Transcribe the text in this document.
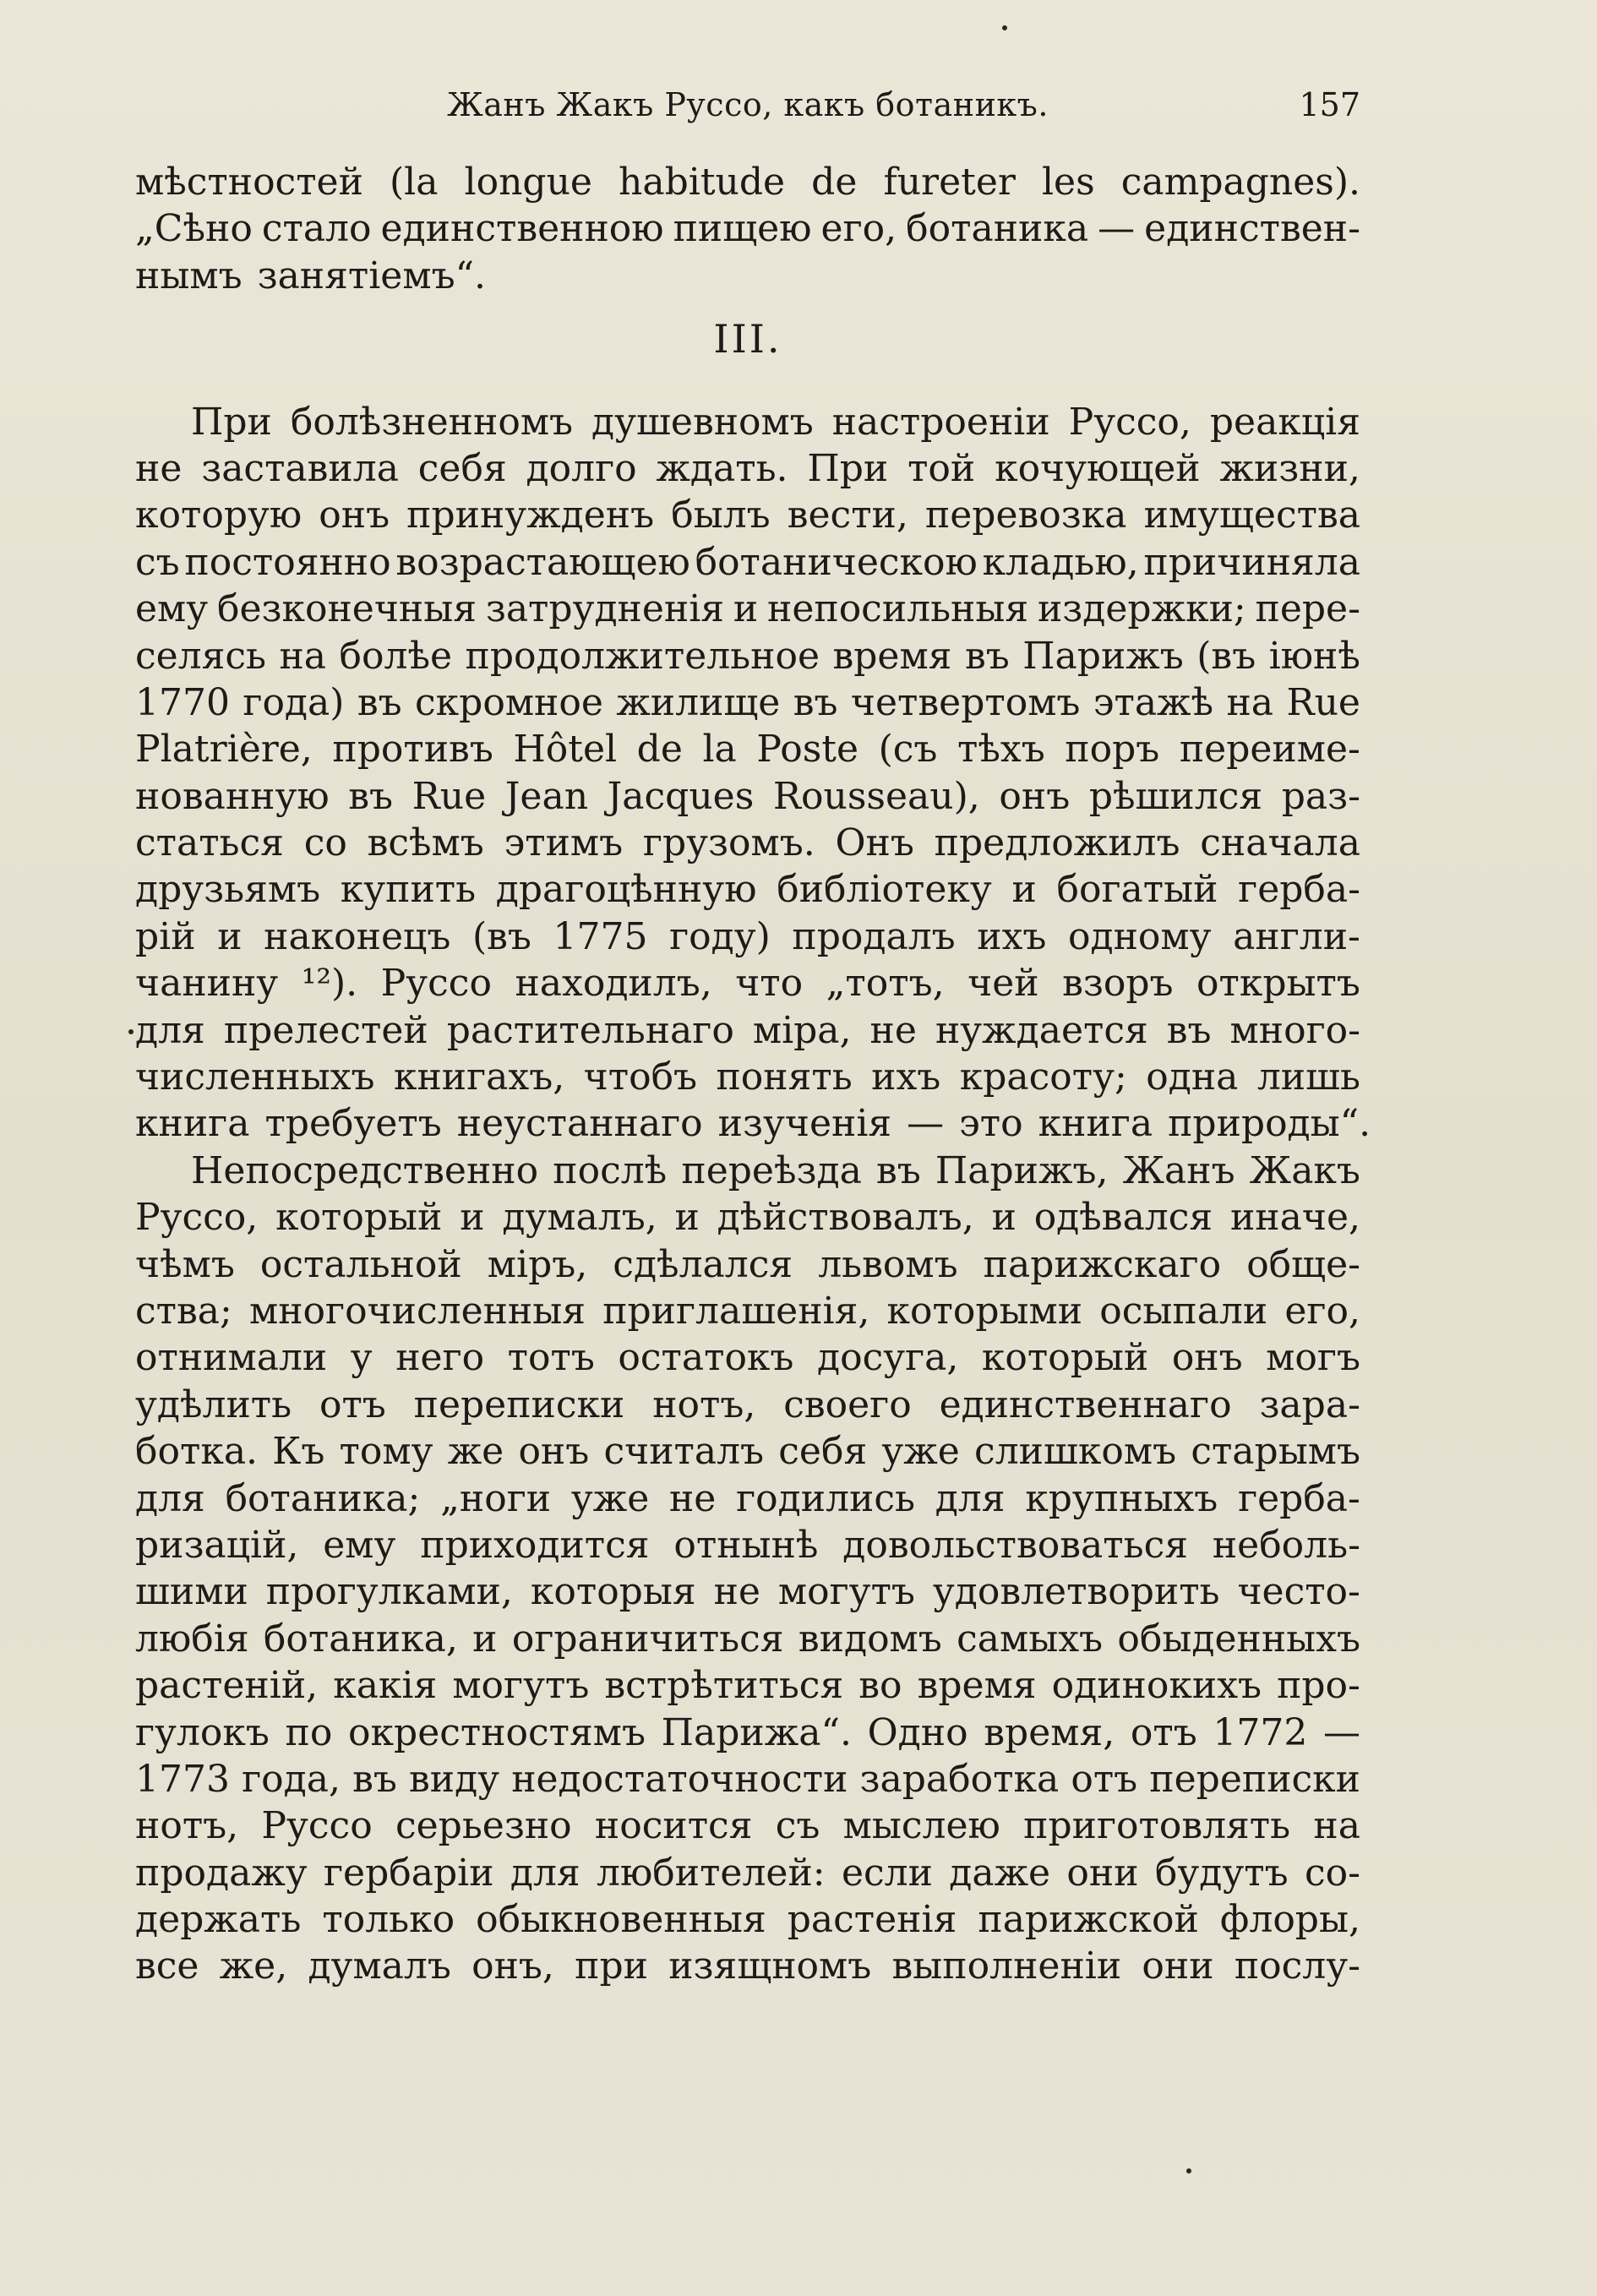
Жанъ Жакъ Руссо, какъ ботаникъ.	157
мѣстностей (la longue habitude de fureter les campagnes).
„Сѣно стало единственною пищею его, ботаника — единствен-
нымъ занятіемъ“.
III.
При болѣзненномъ душевномъ настроеніи Руссо, реакція
не заставила себя долго ждать. При той кочующей жизни,
которую онъ принужденъ былъ вести, перевозка имущества
съ постоянно возрастающею ботаническою кладью, причиняла
ему безконечныя затрудненія и непосильныя издержки; пере-
селясь на болѣе продолжительное время въ Парижъ (въ іюнѣ
1770 года) въ скромное жилище въ четвертомъ этажѣ на Rue
Platrière, противъ Hôtel de la Poste (съ тѣхъ поръ переиме-
нованную въ Rue Jean Jacques Rousseau), онъ рѣшился раз-
статься со всѣмъ этимъ грузомъ. Онъ предложилъ сначала
друзьямъ купить драгоцѣнную библіотеку и богатый герба-
рій и наконецъ (въ 1775 году) продалъ ихъ одному англи-
чанину ¹²). Руссо находилъ, что „тотъ, чей взоръ открытъ
для прелестей растительнаго міра, не нуждается въ много-
численныхъ книгахъ, чтобъ понять ихъ красоту; одна лишь
книга требуетъ неустаннаго изученія — это книга природы“.
Непосредственно послѣ переѣзда въ Парижъ, Жанъ Жакъ
Руссо, который и думалъ, и дѣйствовалъ, и одѣвался иначе,
чѣмъ остальной міръ, сдѣлался львомъ парижскаго обще-
ства; многочисленныя приглашенія, которыми осыпали его,
отнимали у него тотъ остатокъ досуга, который онъ могъ
удѣлить отъ переписки нотъ, своего единственнаго зара-
ботка. Къ тому же онъ считалъ себя уже слишкомъ старымъ
для ботаника; „ноги уже не годились для крупныхъ герба-
ризацій, ему приходится отнынѣ довольствоваться неболь-
шими прогулками, которыя не могутъ удовлетворить често-
любія ботаника, и ограничиться видомъ самыхъ обыденныхъ
растеній, какія могутъ встрѣтиться во время одинокихъ про-
гулокъ по окрестностямъ Парижа“. Одно время, отъ 1772 —
1773 года, въ виду недостаточности заработка отъ переписки
нотъ, Руссо серьезно носится съ мыслею приготовлять на
продажу гербаріи для любителей: если даже они будутъ со-
держать только обыкновенныя растенія парижской флоры,
все же, думалъ онъ, при изящномъ выполненіи они послу-
